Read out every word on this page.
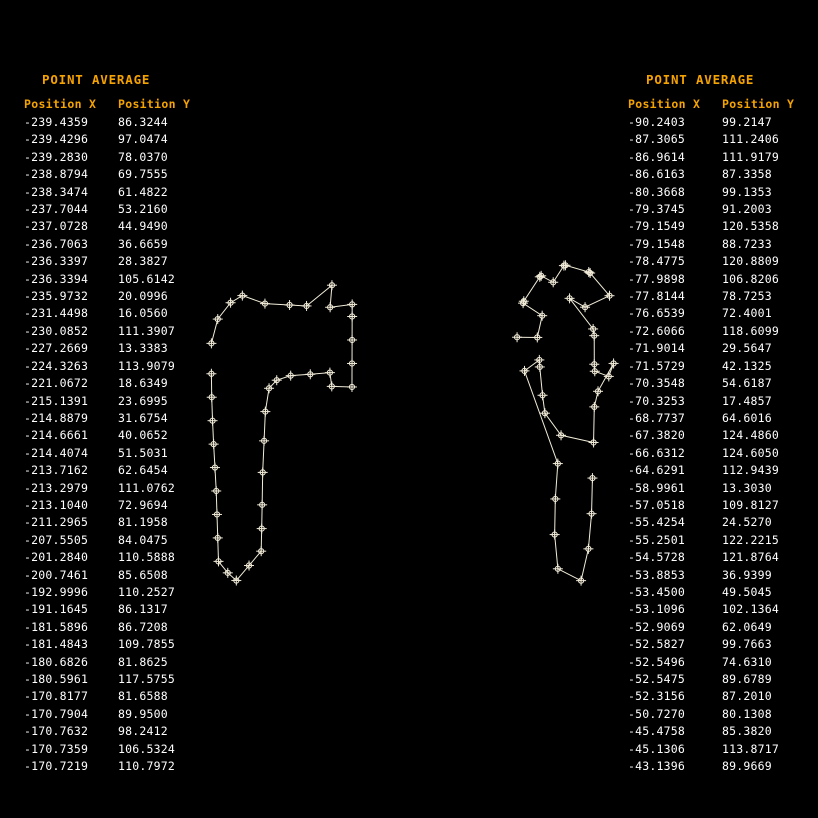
POINT AVERAGE
Position X	Position Y
-239.4359	86.3244
-239.4296	97.0474
-239.2830	78.0370
-238.8794	69.7555
-238.3474	61.4822
-237.7044	53.2160
-237.0728	44.9490
-236.7063	36.6659
-236.3397	28.3827
-236.3394	105.6142
-235.9732	20.0996
-231.4498	16.0560
-230.0852	111.3907
-227.2669	13.3383
-224.3263	113.9079
-221.0672	18.6349
-215.1391	23.6995
-214.8879	31.6754
-214.6661	40.0652
-214.4074	51.5031
-213.7162	62.6454
-213.2979	111.0762
-213.1040	72.9694
-211.2965	81.1958
-207.5505	84.0475
-201.2840	110.5888
-200.7461	85.6508
-192.9996	110.2527
-191.1645	86.1317
-181.5896	86.7208
-181.4843	109.7855
-180.6826	81.8625
-180.5961	117.5755
-170.8177	81.6588
-170.7904	89.9500
-170.7632	98.2412
-170.7359	106.5324
-170.7219	110.7972
POINT AVERAGE
Position X	Position Y
-90.2403	99.2147
-87.3065	111.2406
-86.9614	111.9179
-86.6163	87.3358
-80.3668	99.1353
-79.3745	91.2003
-79.1549	120.5358
-79.1548	88.7233
-78.4775	120.8809
-77.9898	106.8206
-77.8144	78.7253
-76.6539	72.4001
-72.6066	118.6099
-71.9014	29.5647
-71.5729	42.1325
-70.3548	54.6187
-70.3253	17.4857
-68.7737	64.6016
-67.3820	124.4860
-66.6312	124.6050
-64.6291	112.9439
-58.9961	13.3030
-57.0518	109.8127
-55.4254	24.5270
-55.2501	122.2215
-54.5728	121.8764
-53.8853	36.9399
-53.4500	49.5045
-53.1096	102.1364
-52.9069	62.0649
-52.5827	99.7663
-52.5496	74.6310
-52.5475	89.6789
-52.3156	87.2010
-50.7270	80.1308
-45.4758	85.3820
-45.1306	113.8717
-43.1396	89.9669
